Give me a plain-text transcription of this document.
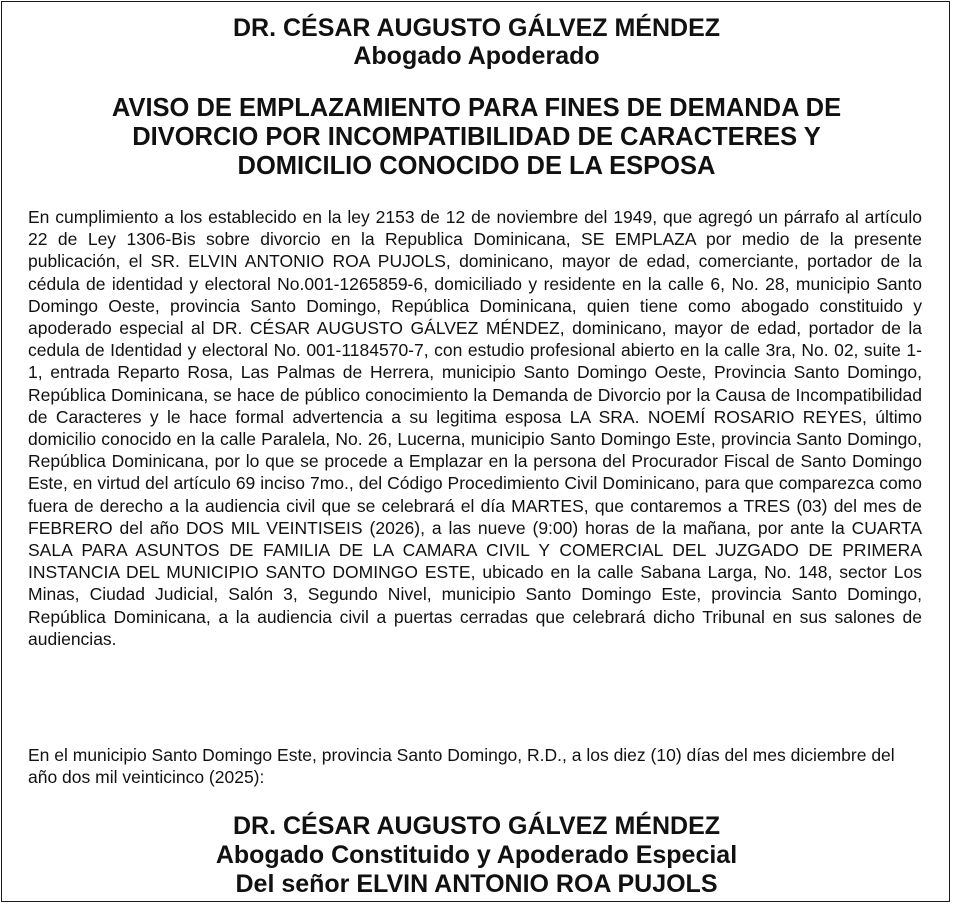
DR. CÉSAR AUGUSTO GÁLVEZ MÉNDEZ
Abogado Apoderado
AVISO DE EMPLAZAMIENTO PARA FINES DE DEMANDA DE
DIVORCIO POR INCOMPATIBILIDAD DE CARACTERES Y
DOMICILIO CONOCIDO DE LA ESPOSA
En cumplimiento a los establecido en la ley 2153 de 12 de noviembre del 1949, que agregó un párrafo al artículo 22 de Ley 1306-Bis sobre divorcio en la Republica Dominicana, SE EMPLAZA por medio de la presente publicación, el SR. ELVIN ANTONIO ROA PUJOLS, dominicano, mayor de edad, comerciante, portador de la cédula de identidad y electoral No.001-1265859-6, domiciliado y residente en la calle 6, No. 28, municipio Santo Domingo Oeste, provincia Santo Domingo, República Dominicana, quien tiene como abogado constituido y apoderado especial al DR. CÉSAR AUGUSTO GÁLVEZ MÉNDEZ, dominicano, mayor de edad, portador de la cedula de Identidad y electoral No. 001-1184570-7, con estudio profesional abierto en la calle 3ra, No. 02, suite 1-1, entrada Reparto Rosa, Las Palmas de Herrera, municipio Santo Domingo Oeste, Provincia Santo Domingo, República Dominicana, se hace de público conocimiento la Demanda de Divorcio por la Causa de Incompatibilidad de Caracteres y le hace formal advertencia a su legitima esposa LA SRA. NOEMÍ ROSARIO REYES, último domicilio conocido en la calle Paralela, No. 26, Lucerna, municipio Santo Domingo Este, provincia Santo Domingo, República Dominicana, por lo que se procede a Emplazar en la persona del Procurador Fiscal de Santo Domingo Este, en virtud del artículo 69 inciso 7mo., del Código Procedimiento Civil Dominicano, para que comparezca como fuera de derecho a la audiencia civil que se celebrará el día MARTES, que contaremos a TRES (03) del mes de FEBRERO del año DOS MIL VEINTISEIS (2026), a las nueve (9:00) horas de la mañana, por ante la CUARTA SALA PARA ASUNTOS DE FAMILIA DE LA CAMARA CIVIL Y COMERCIAL DEL JUZGADO DE PRIMERA INSTANCIA DEL MUNICIPIO SANTO DOMINGO ESTE, ubicado en la calle Sabana Larga, No. 148, sector Los Minas, Ciudad Judicial, Salón 3, Segundo Nivel, municipio Santo Domingo Este, provincia Santo Domingo, República Dominicana, a la audiencia civil a puertas cerradas que celebrará dicho Tribunal en sus salones de audiencias.
En el municipio Santo Domingo Este, provincia Santo Domingo, R.D., a los diez (10) días del mes diciembre del año dos mil veinticinco (2025):
DR. CÉSAR AUGUSTO GÁLVEZ MÉNDEZ
Abogado Constituido y Apoderado Especial
Del señor ELVIN ANTONIO ROA PUJOLS
